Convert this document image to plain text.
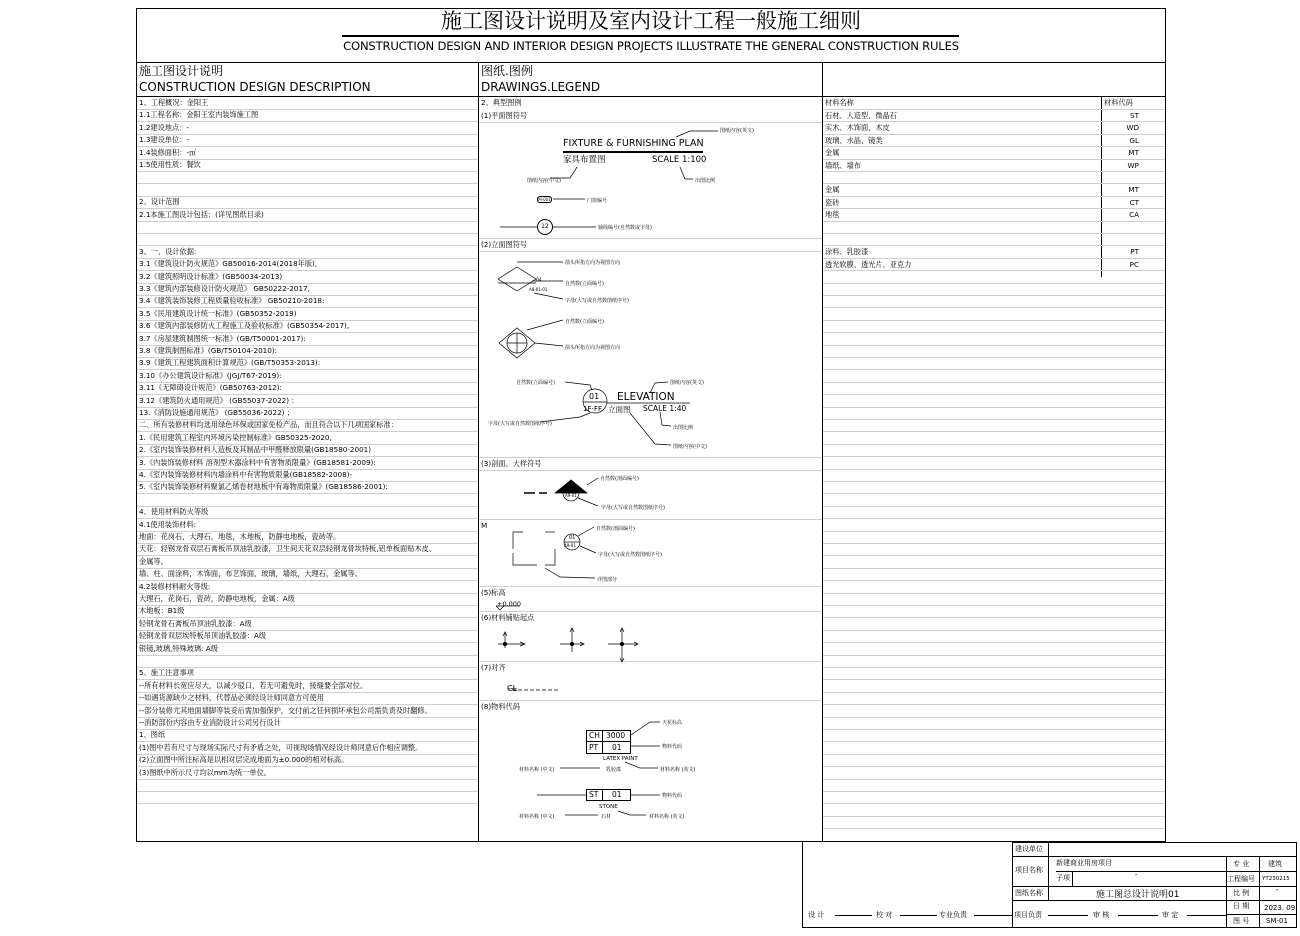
施工图设计说明及室内设计工程一般施工细则
CONSTRUCTION DESIGN AND INTERIOR DESIGN PROJECTS ILLUSTRATE THE GENERAL CONSTRUCTION RULES
施工图设计说明
CONSTRUCTION DESIGN DESCRIPTION
图纸.图例
DRAWINGS.LEGEND
1、工程概况：金阳王
1.1工程名称：金阳王室内装饰施工图
1.2建设地点：-
1.3建设单位：-
1.4装修面积：-㎡
1.5使用性质：餐饮
2、设计范围
2.1本施工图设计包括：(详见图纸目录)
3、一、设计依据:
3.1《建筑设计防火规范》GB50016-2014(2018年版),
3.2《建筑照明设计标准》(GB50034-2013)
3.3《建筑内部装修设计防火规范》 GB50222-2017,
3.4《建筑装饰装修工程质量验收标准》 GB50210-2018:
3.5《民用建筑设计统一标准》(GB50352-2019)
3.6《建筑内部装修防火工程施工及验收标准》(GB50354-2017),
3.7《房屋建筑制图统一标准》(GB/T50001-2017):
3.8《建筑制图标准》(GB/T50104-2010):
3.9《建筑工程建筑面积计算规范》(GB/T50353-2013):
3.10《办公建筑设计标准》(JGJ/T67-2019):
3.11《无障碍设计规范》(GB50763-2012):
3.12《建筑防火通用规范》 (GB55037-2022) ：
13.《消防设施通用规范》 (GB55036-2022) ；
二、所有装修材料均选用绿色环保或国家免检产品，而且符合以下几项国家标准：
1.《民用建筑工程室内环境污染控制标准》GB50325-2020,
2.《室内装饰装修材料人造板及其制品中甲醛释放限量(GB18580-2001)
3.《内装饰装修材料 溶剂型木器涂料中有害物质限量》(GB18581-2009):
4.《室内装饰装修材料内墙涂料中有害物质限量(GB18582-2008)-
5.《室内装饰装修材料聚氯乙烯卷材地板中有毒物质限量》(GB18586-2001):
4、使用材料防火等级
4.1使用装饰材料:
地面：花岗石，大理石，地毯，木地板，防静电地板，瓷砖等。
天花：轻钢龙骨双层石膏板吊顶油乳胶漆，卫生间天花双层轻钢龙骨埃特板,铝单板面贴木皮、
金属等。
墙、柱、面涂料，木饰面，布艺饰面，玻璃，墙纸，大理石，金属等。
4.2装修材料耐火等级:
大理石，花岗石，瓷砖，防静电地板，金属：A级
木地板：B1级
轻钢龙骨石膏板吊顶油乳胶漆：A级
轻钢龙骨双层埃特板吊顶油乳胶漆：A级
银镜,玻璃,特殊玻璃: A级
5、施工注意事项
--所有材料长宽应尽大，以减少驳口，若无可避免时，接缝要全部对位。
--如遇货源缺少之材料，代替品必须经设计师同意方可使用
--部分装修尤其地面墙脚等装妥后需加强保护，交付前之任何损坏承包公司需负责及时翻修。
--消防部份内容由专业消防设计公司另行设计
1、图纸
(1)图中若有尺寸与现场实际尺寸有矛盾之处，可视现场情况经设计师同意后作相应调整。
(2)立面图中所注标高是以相对层完成地面为±0.000的相对标高。
(3)图纸中所示尺寸均以mm为统一单位。
2、典型图例
(1)平面图符号
FIXTURE & FURNISHING PLAN
家具布置图	SCALE 1:100
图纸内容(英文)
图纸内容(中文)	出图比例
M-001	门窗编号
12	轴线编号(自然数或字母)
(2)立面图符号
箭头所指方向为视图方向
04
A8-01-01
自然数(立面编号)
字母(大写或自然数图纸序号)
自然数(立面编号)
箭头所指方向为视图方向
自然数(立面编号)	图纸内容(英文)
01
1F-FF
ELEVATION
立面图 SCALE 1:40
字母(大写或自然数图纸序号)
出图比例
图纸内容(中文)
(3)剖面、大样符号
A9-01
自然数(剖面编号)
字母(大写或自然数图纸序号)
M
01
A9-01
自然数(剖面编号)
字母(大写或自然数图纸序号)
详图部分
(5)标高
±0.000
(6)材料铺贴起点
(7)对齐
C̶L̶
(8)物料代码
CH 3000
PT 01
天花标高
物料代码
LATEX PAINT
乳胶漆
材料名称 (中文)	材料名称 (英文)
ST 01	物料代码
STONE
石材
材料名称 (中文)	材料名称 (英文)
材料名称	材料代码
石材、人造型、微晶石	ST
实木、木饰面、木皮	WD
玻璃、水晶、镜类	GL
金属	MT
墙纸、墙布	WP
金属	MT
瓷砖	CT
地毯	CA
涂料、乳胶漆	PT
透光软膜、透光片、亚克力	PC
建设单位
项目名称
新建商业用房项目
子项	-
专 业	建筑
工程编号 YT230215
图纸名称	施工图总设计说明01	比 例	-
日 期 2023. 09
图 号 SM-01
设 计	校 对	专业负责	项目负责	审 核	审 定
